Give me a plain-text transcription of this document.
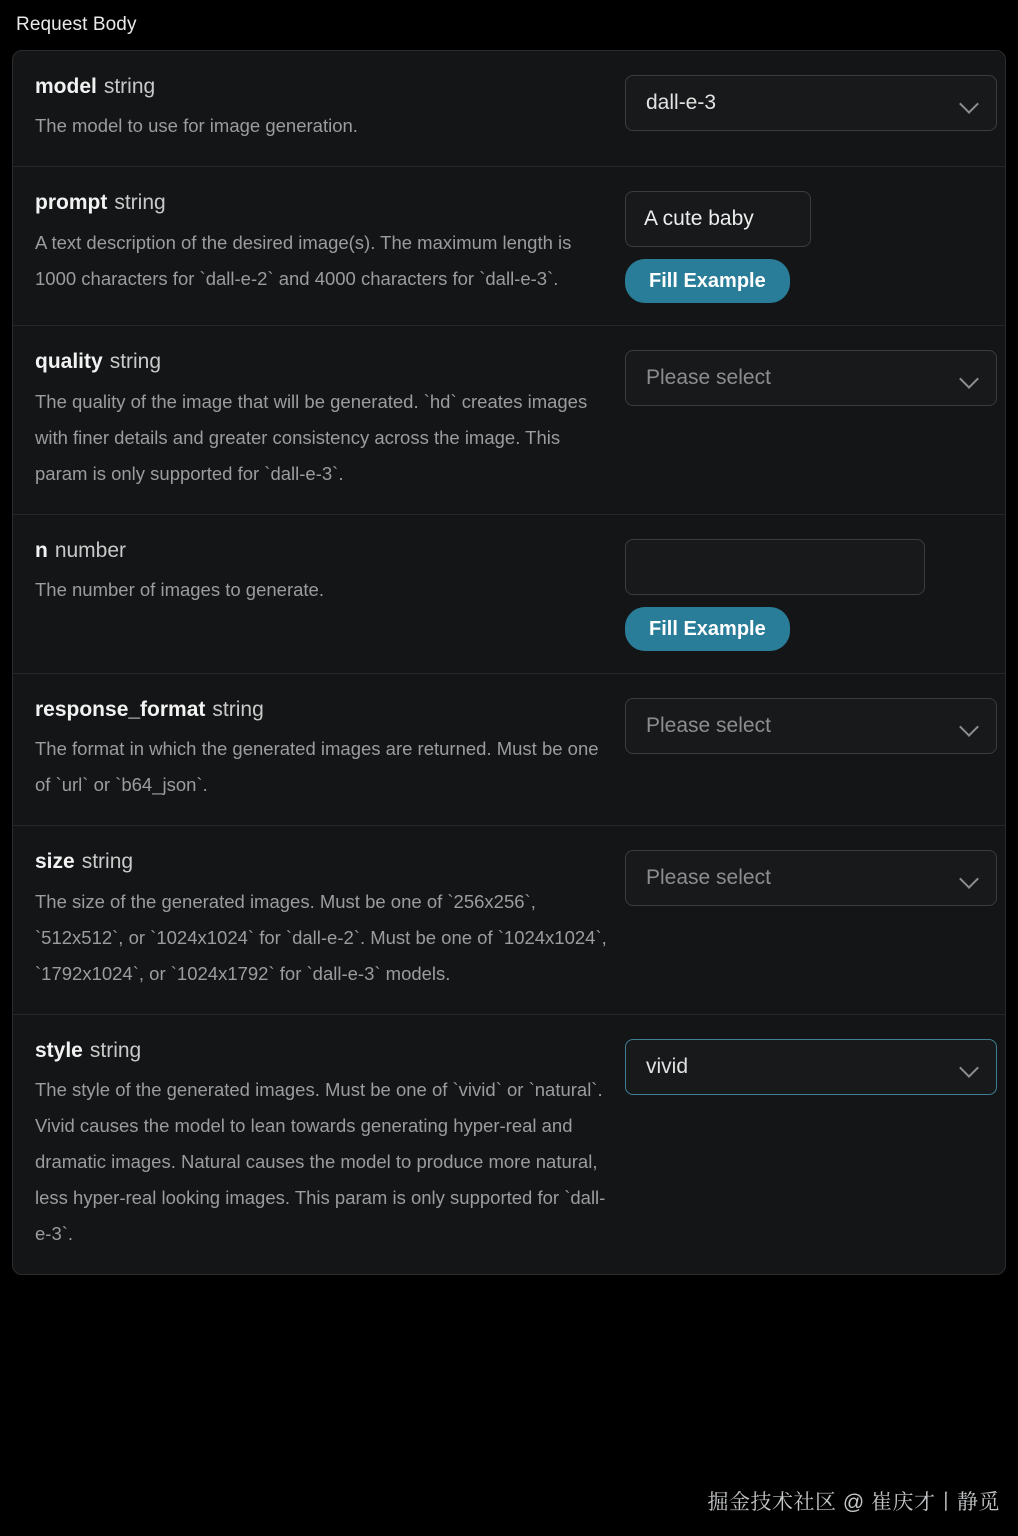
Request Body
model string
The model to use for image generation.
dall-e-3
prompt string
A text description of the desired image(s). The maximum length is 1000 characters for `dall-e-2` and 4000 characters for `dall-e-3`.
A cute baby
Fill Example
quality string
The quality of the image that will be generated. `hd` creates images with finer details and greater consistency across the image. This param is only supported for `dall-e-3`.
Please select
n number
The number of images to generate.
Fill Example
response_format string
The format in which the generated images are returned. Must be one of `url` or `b64_json`.
Please select
size string
The size of the generated images. Must be one of `256x256`, `512x512`, or `1024x1024` for `dall-e-2`. Must be one of `1024x1024`, `1792x1024`, or `1024x1792` for `dall-e-3` models.
Please select
style string
The style of the generated images. Must be one of `vivid` or `natural`. Vivid causes the model to lean towards generating hyper-real and dramatic images. Natural causes the model to produce more natural, less hyper-real looking images. This param is only supported for `dall-e-3`.
vivid
掘金技术社区 @ 崔庆才丨静觅
